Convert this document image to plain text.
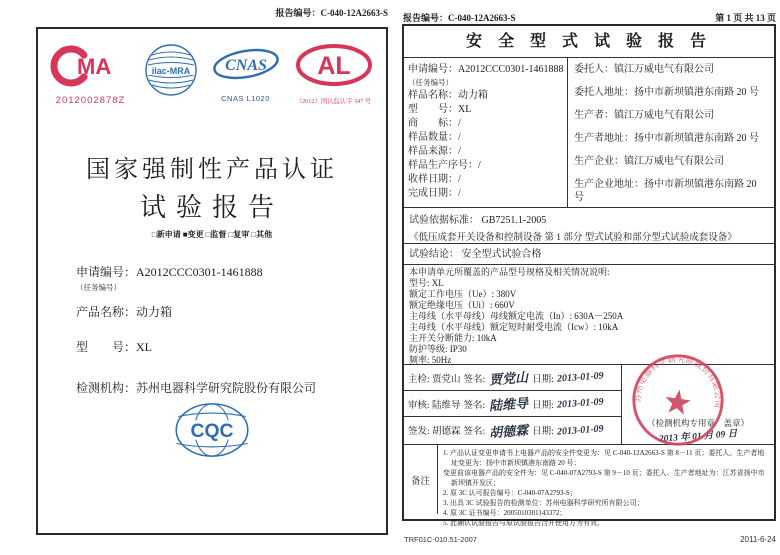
报告编号：C-040-12A2663-S
MA
2012002878Z
ilac-MRA CNAS
CNAS L1020
AL
（2012）国认监认字 347 号
国家强制性产品认证
试验报告
□新申请 ■变更 □监督 □复审 □其他
申请编号：A2012CCC0301-1461888
（任务编号）
产品名称：动力箱
型　　号：XL
检测机构：苏州电器科学研究院股份有限公司
CQC
报告编号：C-040-12A2663-S	第 1 页 共 13 页
安 全 型 式 试 验 报 告
申请编号：A2012CCC0301-1461888
（任务编号）
样品名称：动力箱
型　　号：XL
商　　标：/
样品数量：/
样品来源：/
样品生产序号：/
收样日期：/
完成日期：/
委托人：镇江万威电气有限公司
委托人地址：扬中市新坝镇港东南路 20 号
生产者：镇江万威电气有限公司
生产者地址：扬中市新坝镇港东南路 20 号
生产企业：镇江万威电气有限公司
生产企业地址：扬中市新坝镇港东南路 20 号
试验依据标准： GB7251.1-2005
《低压成套开关设备和控制设备 第 1 部分 型式试验和部分型式试验成套设备》
试验结论： 安全型式试验合格
本申请单元所覆盖的产品型号规格及相关情况说明:
型号: XL
额定工作电压（Ue）: 380V
额定绝缘电压（Ui）: 660V
主母线（水平母线）母线额定电流（In）: 630A－250A
主母线（水平母线）额定短时耐受电流（Icw）: 10kA
主开关分断能力: 10kA
防护等级: IP30
频率: 50Hz
主检: 贾党山 签名: 贾党山 日期: 2013-01-09
审核: 陆维导 签名: 陆维导 日期: 2013-01-09
签发: 胡德霖 签名: 胡德霖 日期: 2013-01-09	（检测机构专用章　盖章）
2013 年 01 月 09 日
备注
1. 产品认证变更申请书上电器产品的安全件变更为：见 C-040-12A2663-S 第 8－11 页；委托人、生产者地址变更为：扬中市新坝镇港东南路 20 号；
变更前该电器产品的安全件为：见 C-040-07A2793-S 第 9－10 页；委托人、生产者地址为：江苏省扬中市新坝镇开发区；
2. 原 3C 认可报告编号：C-040-07A2793-S；
3. 出具 3C 试验报告的检测单位：苏州电器科学研究所有限公司；
4. 原 3C 证书编号：2005010301143372；
5. 此确认试验报告与原试验报告合并使用方为有效。
苏州电器科学研究院股份有限公司
TRF01C-010.51-2007	2011-6-24
